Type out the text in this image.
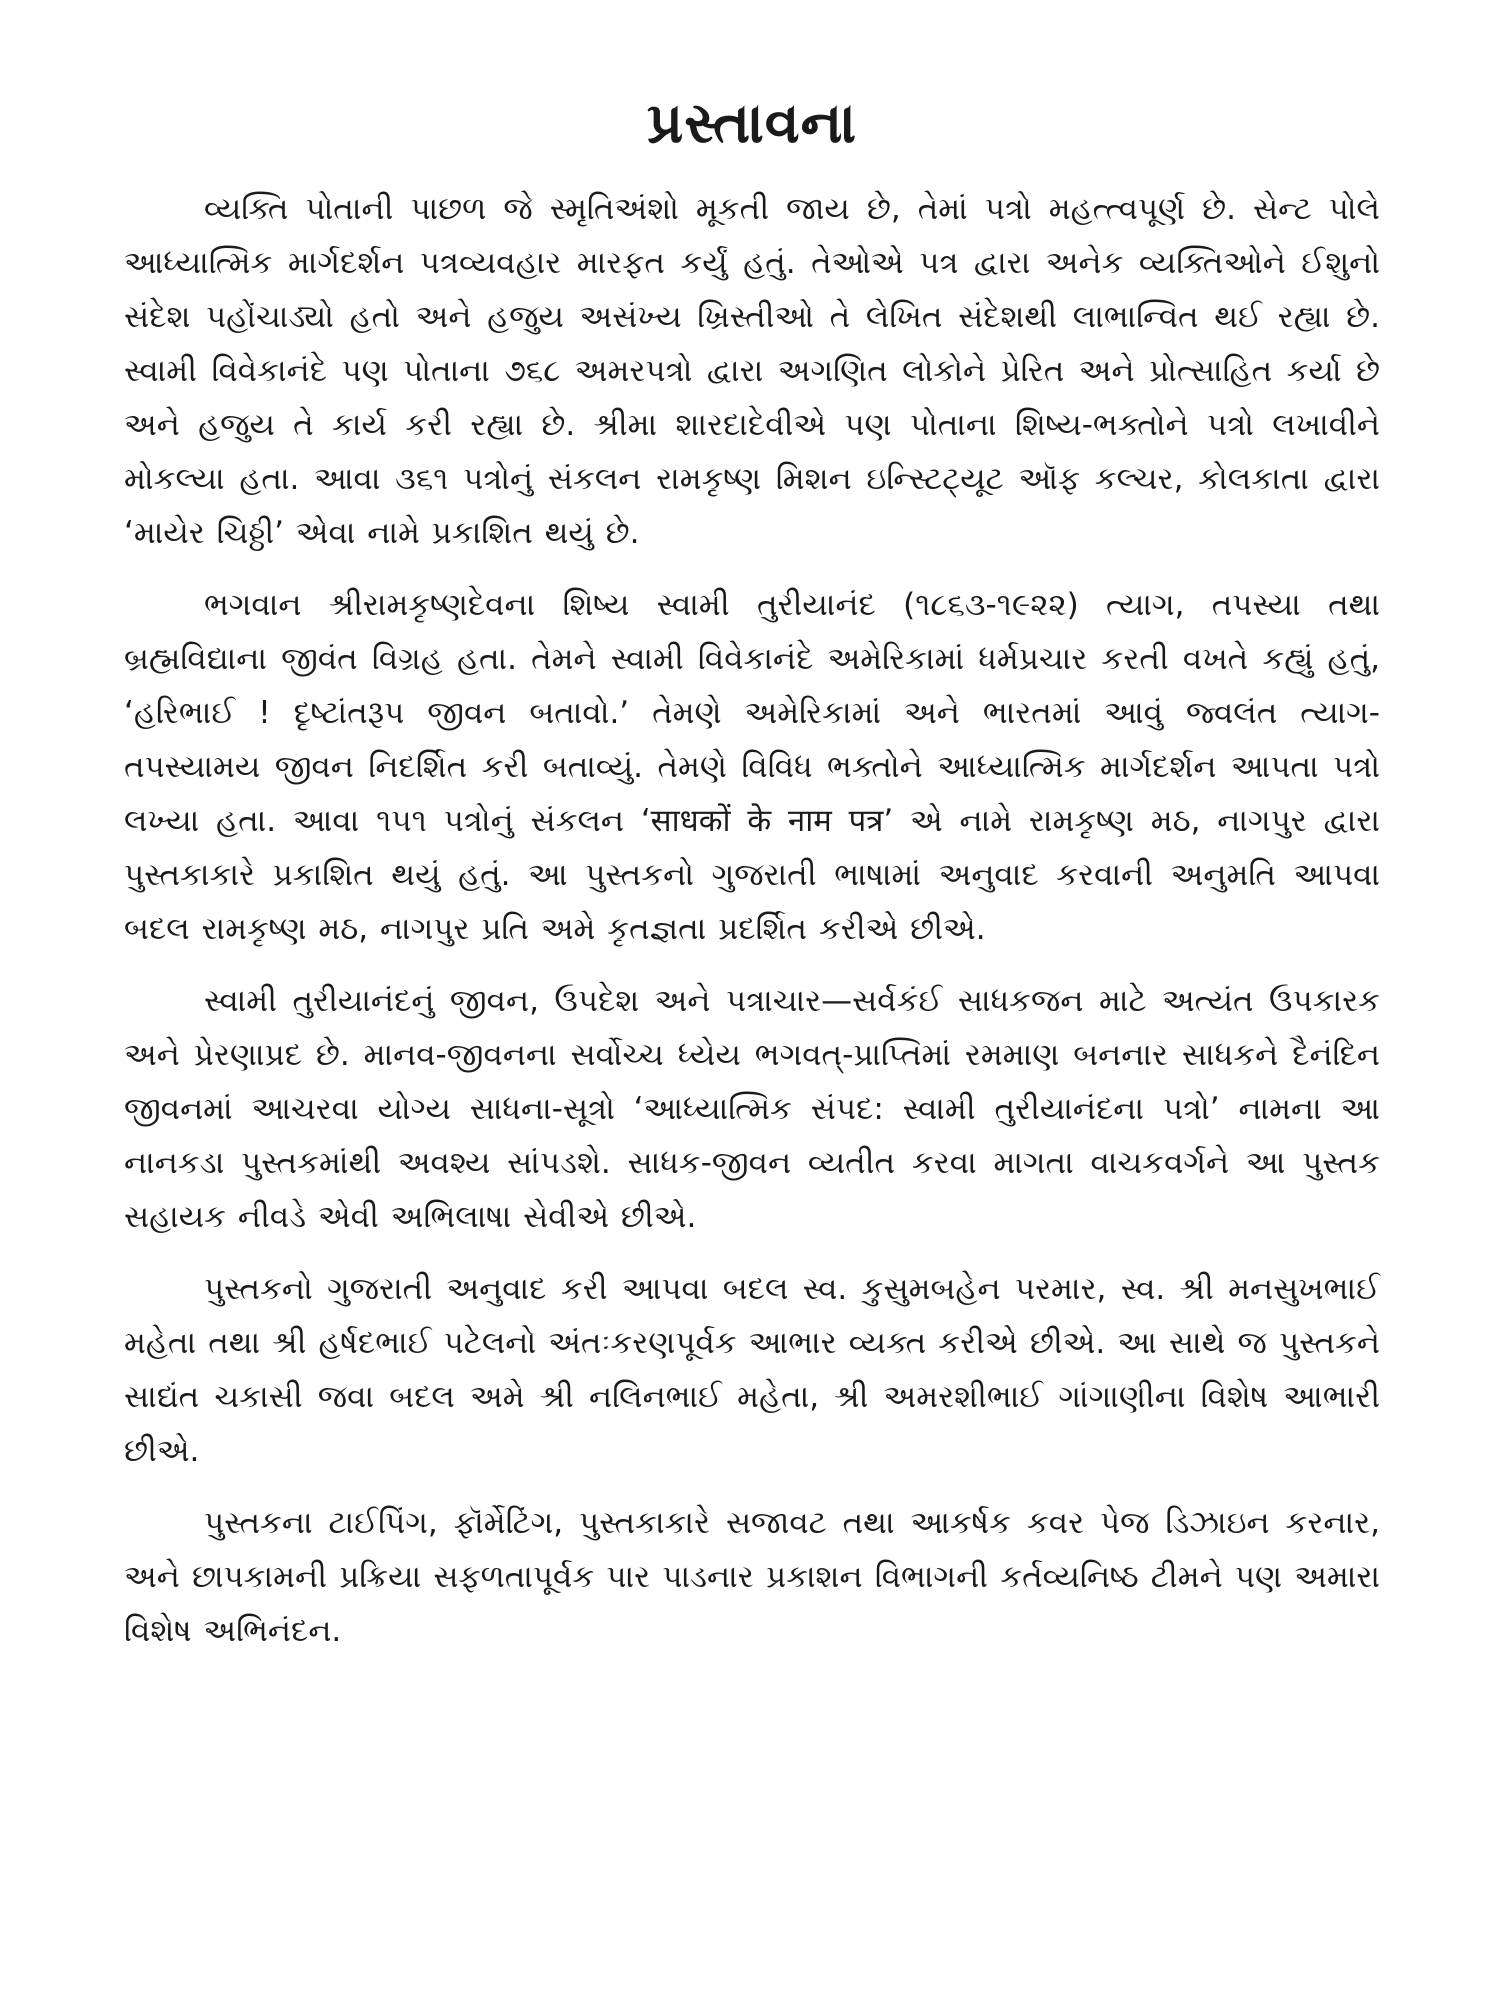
પ્રસ્તાવના

વ્યક્તિ પોતાની પાછળ જે સ્મૃતિઅંશો મૂકતી જાય છે, તેમાં પત્રો મહત્ત્વપૂર્ણ છે. સેન્ટ પોલે આધ્યાત્મિક માર્ગદર્શન પત્રવ્યવહાર મારફત કર્યું હતું. તેઓએ પત્ર દ્વારા અનેક વ્યક્તિઓને ઈશુનો સંદેશ પહોંચાડ્યો હતો અને હજુય અસંખ્ય ખ્રિસ્તીઓ તે લેખિત સંદેશથી લાભાન્વિત થઈ રહ્યા છે. સ્વામી વિવેકાનંદે પણ પોતાના ૭૬૮ અમરપત્રો દ્વારા અગણિત લોકોને પ્રેરિત અને પ્રોત્સાહિત કર્યા છે અને હજુય તે કાર્ય કરી રહ્યા છે. શ્રીમા શારદાદેવીએ પણ પોતાના શિષ્ય-ભક્તોને પત્રો લખાવીને મોકલ્યા હતા. આવા ૩૬૧ પત્રોનું સંકલન રામકૃષ્ણ મિશન ઇન્સ્ટિટ્યૂટ ઑફ કલ્ચર, કોલકાતા દ્વારા ‘માયેર ચિઠ્ઠી’ એવા નામે પ્રકાશિત થયું છે.

ભગવાન શ્રીરામકૃષ્ણદેવના શિષ્ય સ્વામી તુરીયાનંદ (૧૮૬૩-૧૯૨૨) ત્યાગ, તપસ્યા તથા બ્રહ્મવિદ્યાના જીવંત વિગ્રહ હતા. તેમને સ્વામી વિવેકાનંદે અમેરિકામાં ધર્મપ્રચાર કરતી વખતે કહ્યું હતું, ‘હરિભાઈ ! દૃષ્ટાંતરૂપ જીવન બતાવો.’ તેમણે અમેરિકામાં અને ભારતમાં આવું જ્વલંત ત્યાગ-તપસ્યામય જીવન નિદર્શિત કરી બતાવ્યું. તેમણે વિવિધ ભક્તોને આધ્યાત્મિક માર્ગદર્શન આપતા પત્રો લખ્યા હતા. આવા ૧૫૧ પત્રોનું સંકલન ‘साधकों के नाम पत्र’ એ નામે રામકૃષ્ણ મઠ, નાગપુર દ્વારા પુસ્તકાકારે પ્રકાશિત થયું હતું. આ પુસ્તકનો ગુજરાતી ભાષામાં અનુવાદ કરવાની અનુમતિ આપવા બદલ રામકૃષ્ણ મઠ, નાગપુર પ્રતિ અમે કૃતજ્ઞતા પ્રદર્શિત કરીએ છીએ.

સ્વામી તુરીયાનંદનું જીવન, ઉપદેશ અને પત્રાચાર—સર્વકંઈ સાધકજન માટે અત્યંત ઉપકારક અને પ્રેરણાપ્રદ છે. માનવ-જીવનના સર્વોચ્ચ ધ્યેય ભગવત્-પ્રાપ્તિમાં રમમાણ બનનાર સાધકને દૈનંદિન જીવનમાં આચરવા યોગ્ય સાધના-સૂત્રો ‘આધ્યાત્મિક સંપદ: સ્વામી તુરીયાનંદના પત્રો’ નામના આ નાનકડા પુસ્તકમાંથી અવશ્ય સાંપડશે. સાધક-જીવન વ્યતીત કરવા માગતા વાચકવર્ગને આ પુસ્તક સહાયક નીવડે એવી અભિલાષા સેવીએ છીએ.

પુસ્તકનો ગુજરાતી અનુવાદ કરી આપવા બદલ સ્વ. કુસુમબહેન પરમાર, સ્વ. શ્રી મનસુખભાઈ મહેતા તથા શ્રી હર્ષદભાઈ પટેલનો અંતઃકરણપૂર્વક આભાર વ્યક્ત કરીએ છીએ. આ સાથે જ પુસ્તકને સાદ્યંત ચકાસી જવા બદલ અમે શ્રી નલિનભાઈ મહેતા, શ્રી અમરશીભાઈ ગાંગાણીના વિશેષ આભારી છીએ.

પુસ્તકના ટાઈપિંગ, ફૉર્મેટિંગ, પુસ્તકાકારે સજાવટ તથા આકર્ષક કવર પેજ ડિઝાઇન કરનાર, અને છાપકામની પ્રક્રિયા સફળતાપૂર્વક પાર પાડનાર પ્રકાશન વિભાગની કર્તવ્યનિષ્ઠ ટીમને પણ અમારા વિશેષ અભિનંદન.
